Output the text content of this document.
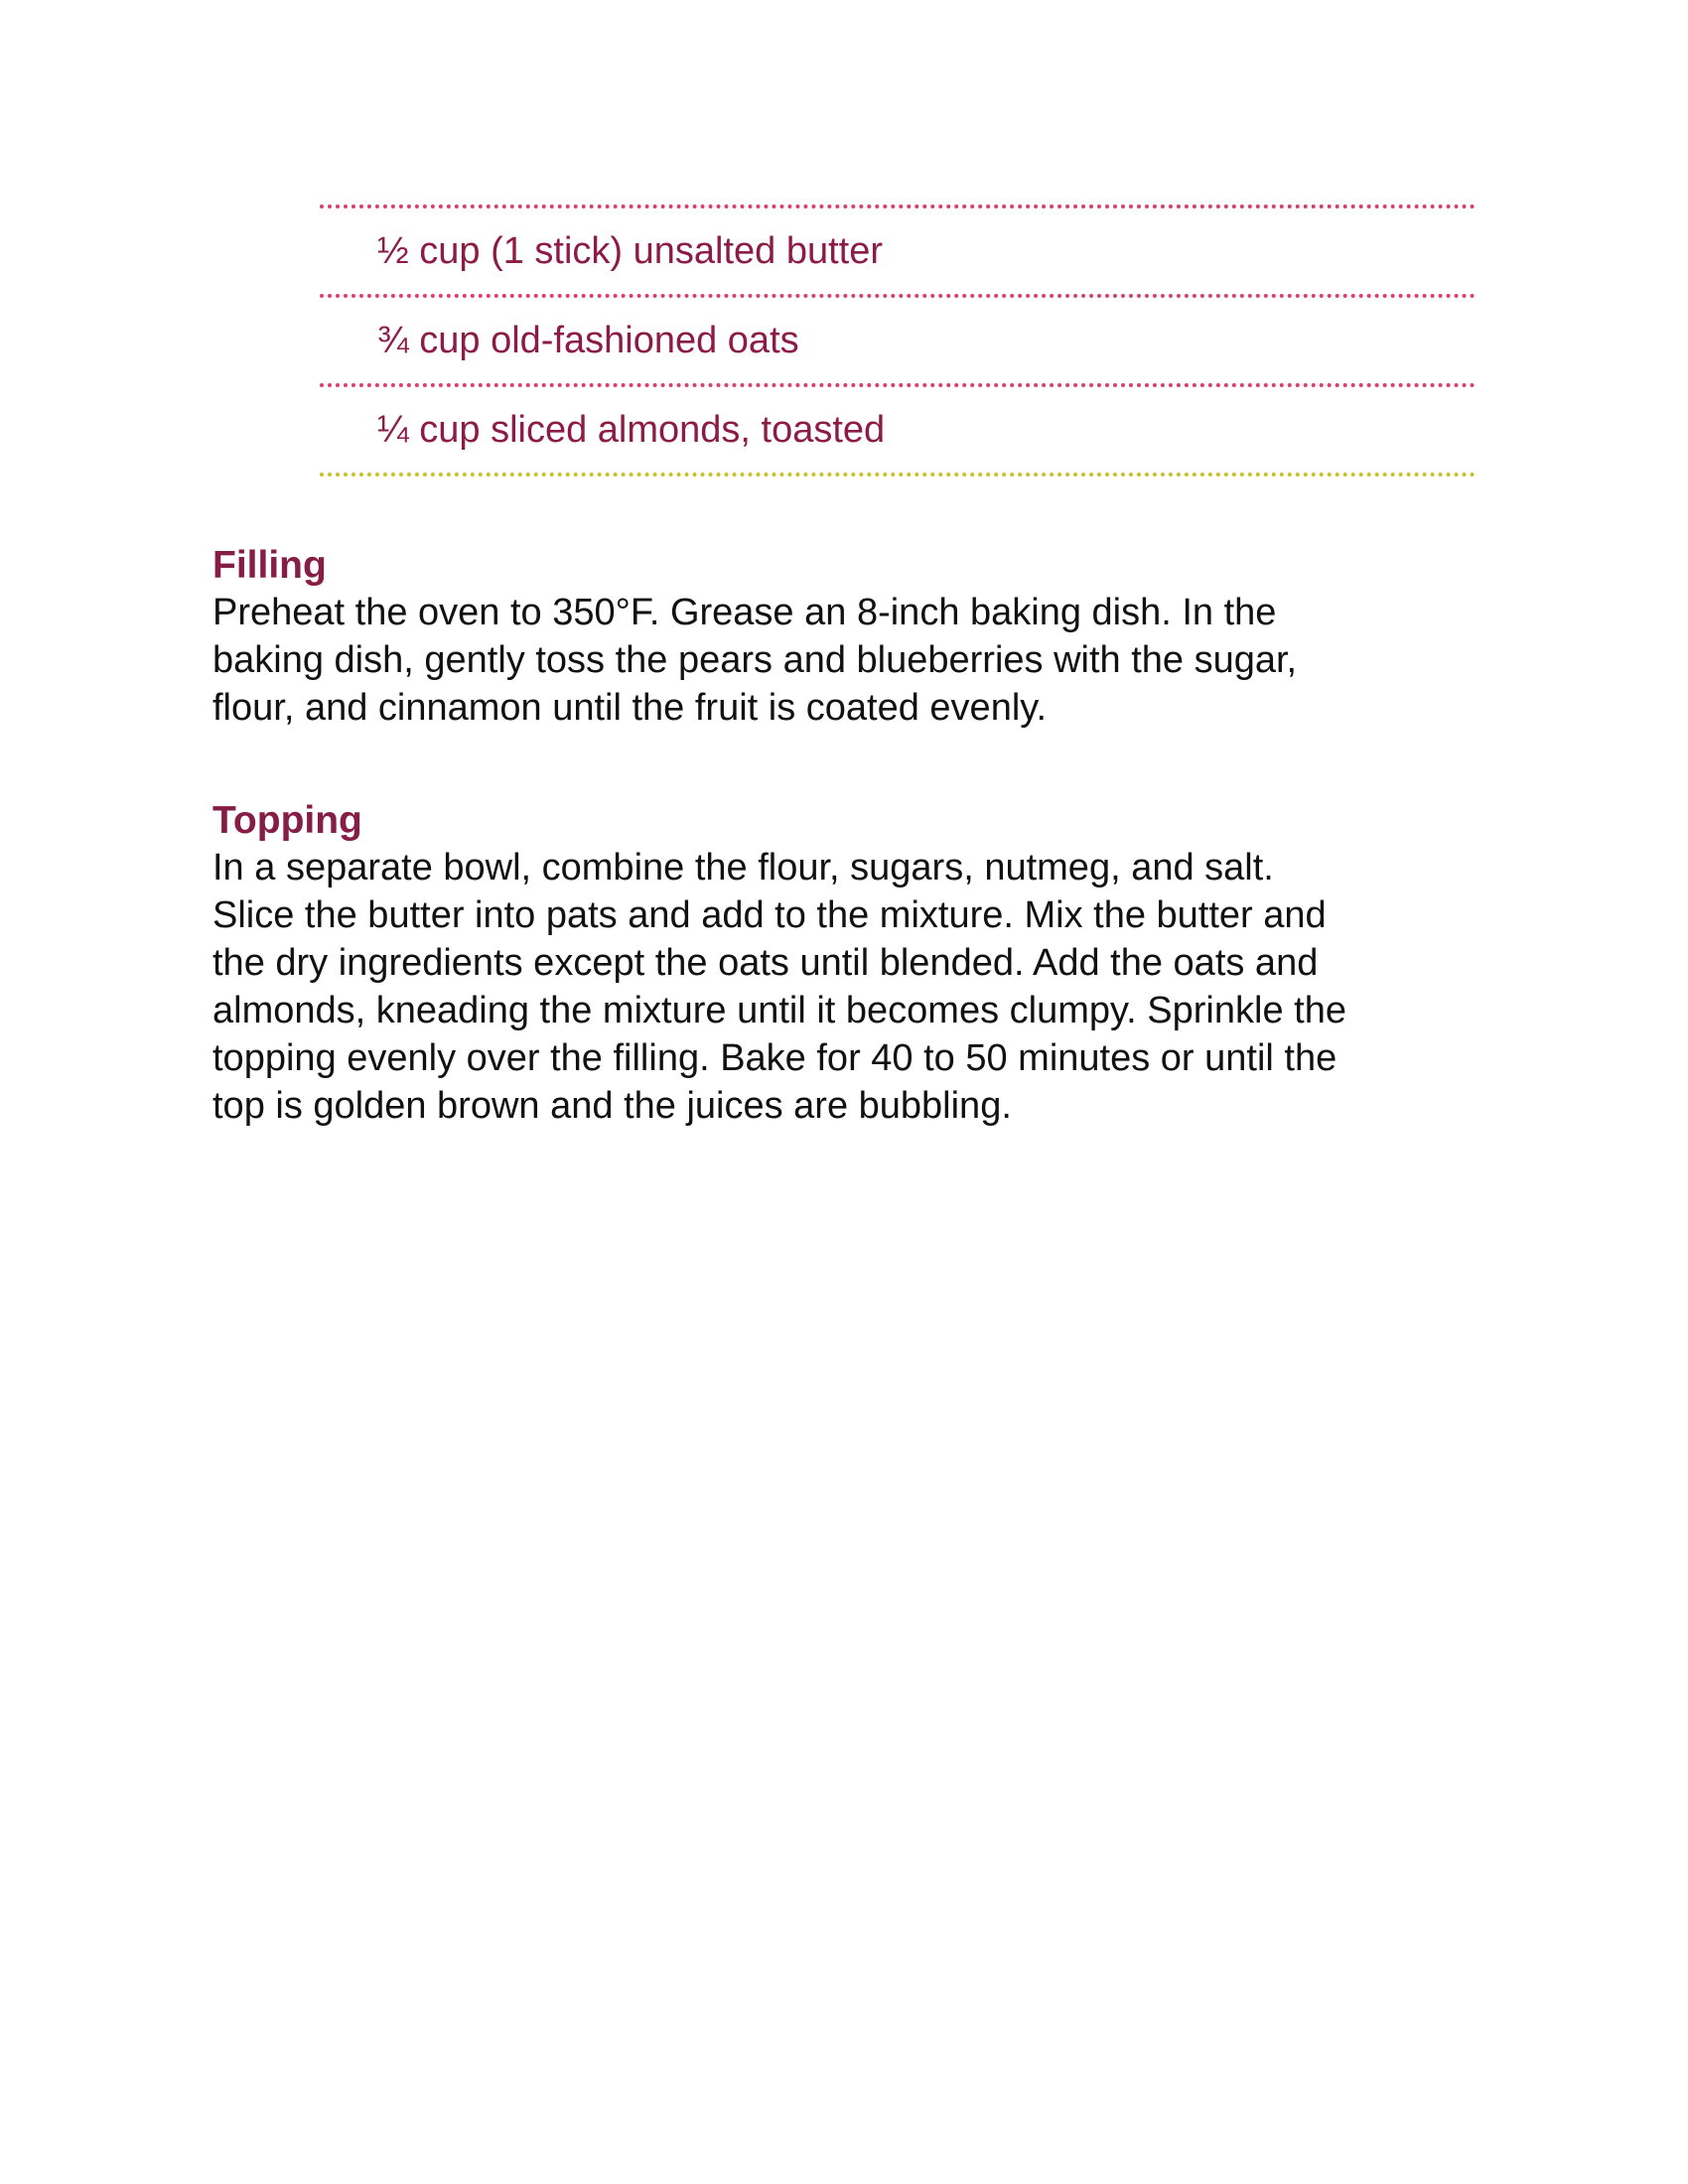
½ cup (1 stick) unsalted butter
¾ cup old-fashioned oats
¼ cup sliced almonds, toasted
Filling

Preheat the oven to 350°F. Grease an 8-inch baking dish. In the
baking dish, gently toss the pears and blueberries with the sugar,
flour, and cinnamon until the fruit is coated evenly.

Topping

In a separate bowl, combine the flour, sugars, nutmeg, and salt.
Slice the butter into pats and add to the mixture. Mix the butter and
the dry ingredients except the oats until blended. Add the oats and
almonds, kneading the mixture until it becomes clumpy. Sprinkle the
topping evenly over the filling. Bake for 40 to 50 minutes or until the
top is golden brown and the juices are bubbling.
